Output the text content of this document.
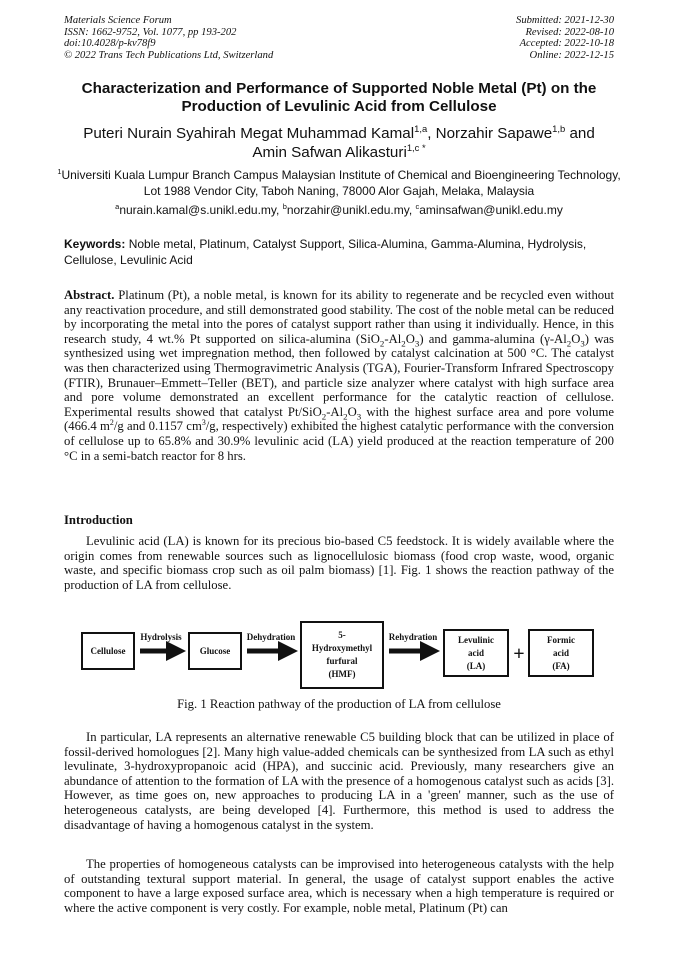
Materials Science Forum
ISSN: 1662-9752, Vol. 1077, pp 193-202
doi:10.4028/p-kv78f9
© 2022 Trans Tech Publications Ltd, Switzerland
Submitted: 2021-12-30
Revised: 2022-08-10
Accepted: 2022-10-18
Online: 2022-12-15
Characterization and Performance of Supported Noble Metal (Pt) on the Production of Levulinic Acid from Cellulose
Puteri Nurain Syahirah Megat Muhammad Kamal$^{1,a}$, Norzahir Sapawe$^{1,b}$ and
Amin Safwan Alikasturi$^{1,c *}$
$^1$Universiti Kuala Lumpur Branch Campus Malaysian Institute of Chemical and Bioengineering Technology, Lot 1988 Vendor City, Taboh Naning, 78000 Alor Gajah, Melaka, Malaysia
$^a$nurain.kamal@s.unikl.edu.my, $^b$norzahir@unikl.edu.my, $^c$aminsafwan@unikl.edu.my
Keywords: Noble metal, Platinum, Catalyst Support, Silica-Alumina, Gamma-Alumina, Hydrolysis, Cellulose, Levulinic Acid
Abstract. Platinum (Pt), a noble metal, is known for its ability to regenerate and be recycled even without any reactivation procedure, and still demonstrated good stability. The cost of the noble metal can be reduced by incorporating the metal into the pores of catalyst support rather than using it individually. Hence, in this research study, 4 wt.% Pt supported on silica-alumina $(SiO_2-Al_2O_3)$ and gamma-alumina $(\gamma-Al_2O_3)$ was synthesized using wet impregnation method, then followed by catalyst calcination at 500 °C. The catalyst was then characterized using Thermogravimetric Analysis (TGA), Fourier-Transform Infrared Spectroscopy (FTIR), Brunauer–Emmett–Teller (BET), and particle size analyzer where catalyst with high surface area and pore volume demonstrated an excellent performance for the catalytic reaction of cellulose. Experimental results showed that catalyst $Pt/SiO_2-Al_2O_3$ with the highest surface area and pore volume (466.4 $m^2/g$ and 0.1157 $cm^3/g$, respectively) exhibited the highest catalytic performance with the conversion of cellulose up to 65.8% and 30.9% levulinic acid (LA) yield produced at the reaction temperature of 200 °C in a semi-batch reactor for 8 hrs.
Introduction
Levulinic acid (LA) is known for its precious bio-based C5 feedstock. It is widely available where the origin comes from renewable sources such as lignocellulosic biomass (food crop waste, wood, organic waste, and specific biomass crop such as oil palm biomass) [1]. Fig. 1 shows the reaction pathway of the production of LA from cellulose.
Cellulose
Hydrolysis
Glucose
Dehydration	5-
Hydroxymethyl
furfural
(HMF)
Rehydration Levulinic
acid
(LA)
+
Formic
acid
(FA)
Fig. 1 Reaction pathway of the production of LA from cellulose
In particular, LA represents an alternative renewable C5 building block that can be utilized in place of fossil-derived homologues [2]. Many high value-added chemicals can be synthesized from LA such as ethyl levulinate, 3-hydroxypropanoic acid (HPA), and succinic acid. Previously, many researchers give an abundance of attention to the formation of LA with the presence of a homogenous catalyst such as acids [3]. However, as time goes on, new approaches to producing LA in a 'green' manner, such as the use of heterogeneous catalysts, are being developed [4]. Furthermore, this method is used to address the disadvantage of having a homogenous catalyst in the system.
The properties of homogeneous catalysts can be improvised into heterogeneous catalysts with the help of outstanding textural support material. In general, the usage of catalyst support enables the active component to have a large exposed surface area, which is necessary when a high temperature is required or where the active component is very costly. For example, noble metal, Platinum (Pt) can
